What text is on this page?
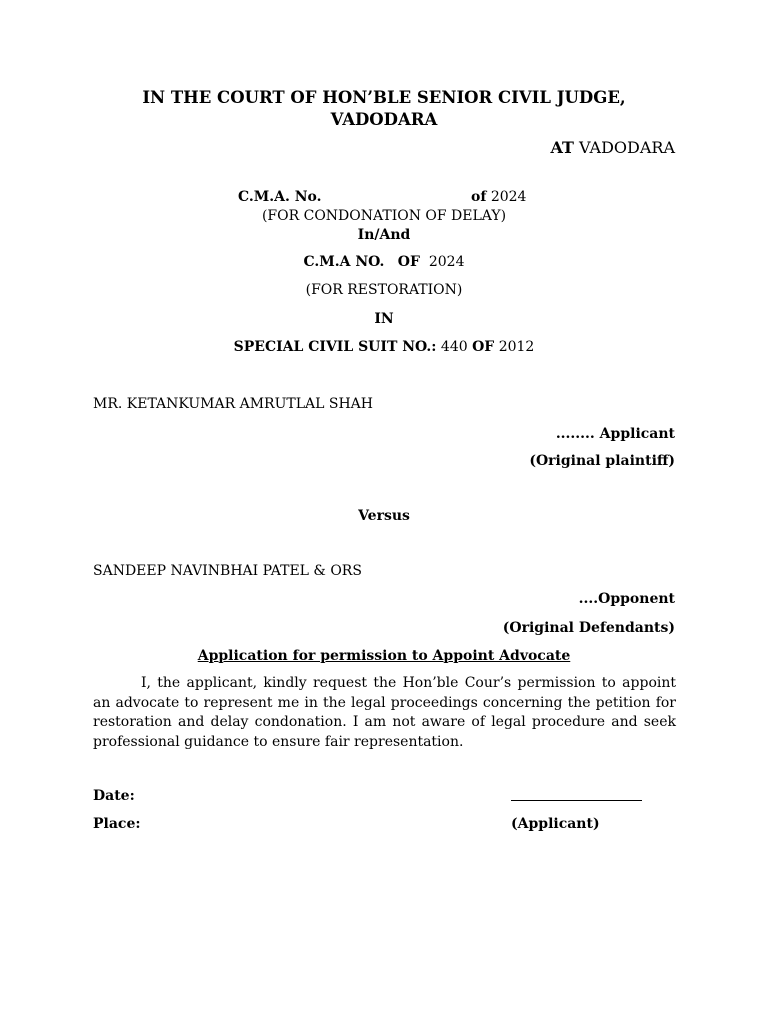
IN THE COURT OF HON’BLE SENIOR CIVIL JUDGE,
VADODARA
AT VADODARA
C.M.A. No.	of 2024
(FOR CONDONATION OF DELAY)
In/And
C.M.A NO. OF 2024
(FOR RESTORATION)
IN
SPECIAL CIVIL SUIT NO.: 440 OF 2012
MR. KETANKUMAR AMRUTLAL SHAH
........ Applicant
(Original plaintiff)
Versus
SANDEEP NAVINBHAI PATEL & ORS
....Opponent
(Original Defendants)
Application for permission to Appoint Advocate
I, the applicant, kindly request the Hon’ble Cour’s permission to appoint an advocate to represent me in the legal proceedings concerning the petition for restoration and delay condonation. I am not aware of legal procedure and seek professional guidance to ensure fair representation.
Date:
Place:	(Applicant)
